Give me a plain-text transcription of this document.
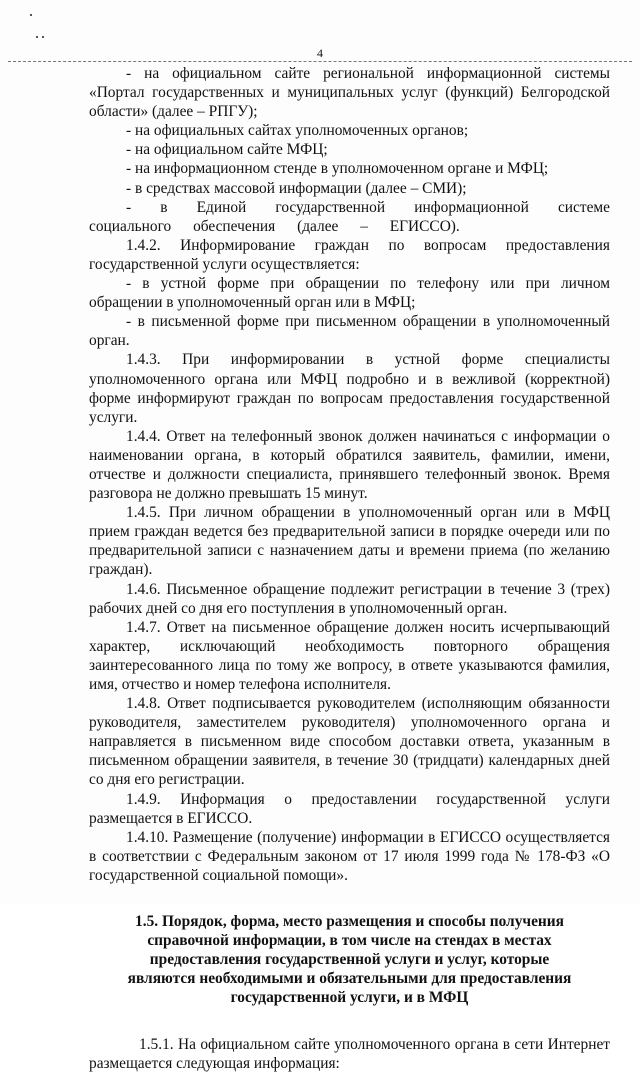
4

- на официальном сайте региональной информационной системы «Портал государственных и муниципальных услуг (функций) Белгородской области» (далее – РПГУ);

- на официальных сайтах уполномоченных органов;

- на официальном сайте МФЦ;

- на информационном стенде в уполномоченном органе и МФЦ;

- в средствах массовой информации (далее – СМИ);

- в Единой государственной информационной системе социального обеспечения (далее – ЕГИССО).

1.4.2. Информирование граждан по вопросам предоставления государственной услуги осуществляется:

- в устной форме при обращении по телефону или при личном обращении в уполномоченный орган или в МФЦ;

- в письменной форме при письменном обращении в уполномоченный орган.

1.4.3. При информировании в устной форме специалисты уполномоченного органа или МФЦ подробно и в вежливой (корректной) форме информируют граждан по вопросам предоставления государственной услуги.

1.4.4. Ответ на телефонный звонок должен начинаться с информации о наименовании органа, в который обратился заявитель, фамилии, имени, отчестве и должности специалиста, принявшего телефонный звонок. Время разговора не должно превышать 15 минут.

1.4.5. При личном обращении в уполномоченный орган или в МФЦ прием граждан ведется без предварительной записи в порядке очереди или по предварительной записи с назначением даты и времени приема (по желанию граждан).

1.4.6. Письменное обращение подлежит регистрации в течение 3 (трех) рабочих дней со дня его поступления в уполномоченный орган.

1.4.7. Ответ на письменное обращение должен носить исчерпывающий характер, исключающий необходимость повторного обращения заинтересованного лица по тому же вопросу, в ответе указываются фамилия, имя, отчество и номер телефона исполнителя.

1.4.8. Ответ подписывается руководителем (исполняющим обязанности руководителя, заместителем руководителя) уполномоченного органа и направляется в письменном виде способом доставки ответа, указанным в письменном обращении заявителя, в течение 30 (тридцати) календарных дней со дня его регистрации.

1.4.9. Информация о предоставлении государственной услуги размещается в ЕГИССО.

1.4.10. Размещение (получение) информации в ЕГИССО осуществляется в соответствии с Федеральным законом от 17 июля 1999 года № 178-ФЗ «О государственной социальной помощи».

1.5. Порядок, форма, место размещения и способы получения справочной информации, в том числе на стендах в местах предоставления государственной услуги и услуг, которые являются необходимыми и обязательными для предоставления государственной услуги, и в МФЦ

1.5.1. На официальном сайте уполномоченного органа в сети Интернет размещается следующая информация:
